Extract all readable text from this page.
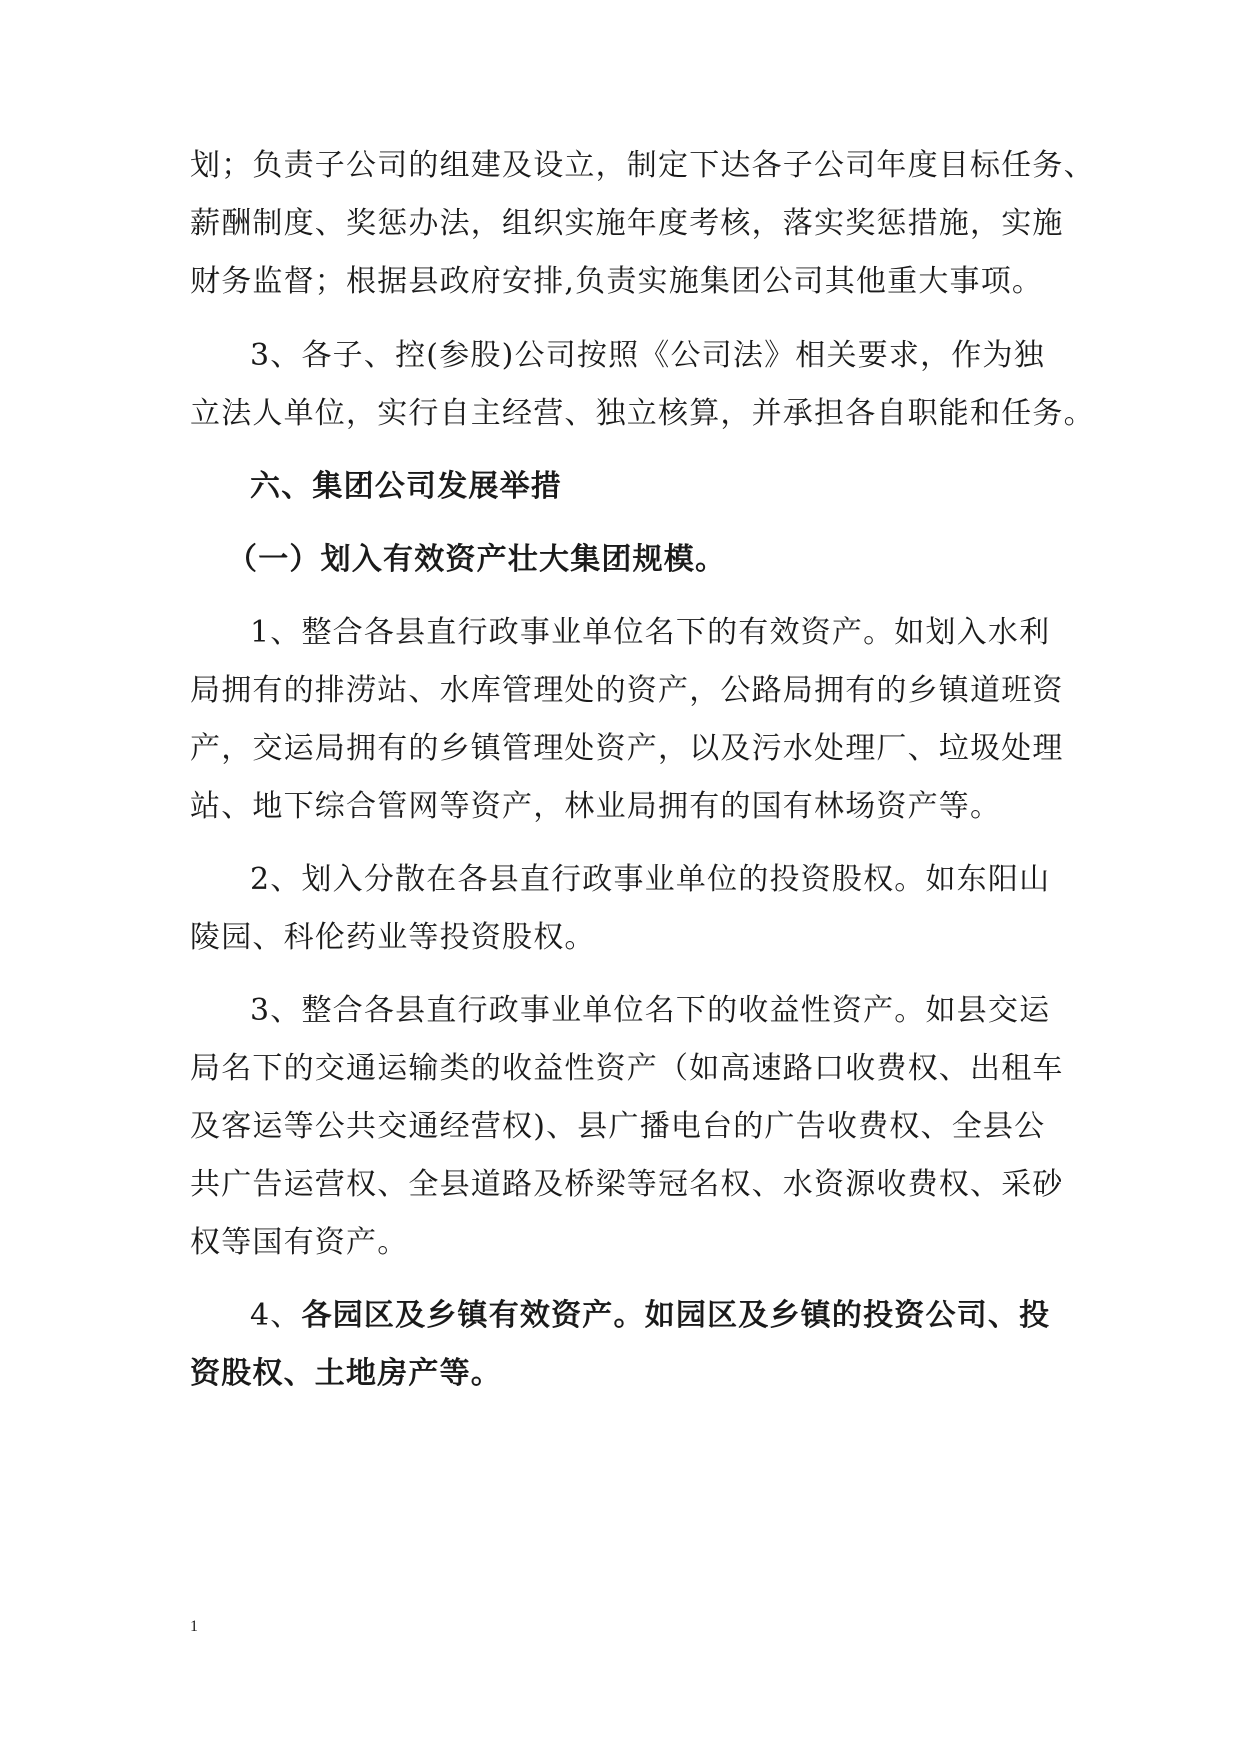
划；负责子公司的组建及设立，制定下达各子公司年度目标任务、
薪酬制度、奖惩办法，组织实施年度考核，落实奖惩措施，实施
财务监督；根据县政府安排,负责实施集团公司其他重大事项。
3、各子、控(参股)公司按照《公司法》相关要求，作为独
立法人单位，实行自主经营、独立核算，并承担各自职能和任务。
六、集团公司发展举措
（一）划入有效资产壮大集团规模。
1、整合各县直行政事业单位名下的有效资产。如划入水利
局拥有的排涝站、水库管理处的资产，公路局拥有的乡镇道班资
产，交运局拥有的乡镇管理处资产，以及污水处理厂、垃圾处理
站、地下综合管网等资产，林业局拥有的国有林场资产等。
2、划入分散在各县直行政事业单位的投资股权。如东阳山
陵园、科伦药业等投资股权。
3、整合各县直行政事业单位名下的收益性资产。如县交运
局名下的交通运输类的收益性资产（如高速路口收费权、出租车
及客运等公共交通经营权)、县广播电台的广告收费权、全县公
共广告运营权、全县道路及桥梁等冠名权、水资源收费权、采砂
权等国有资产。
4、各园区及乡镇有效资产。如园区及乡镇的投资公司、投
资股权、土地房产等。
1
